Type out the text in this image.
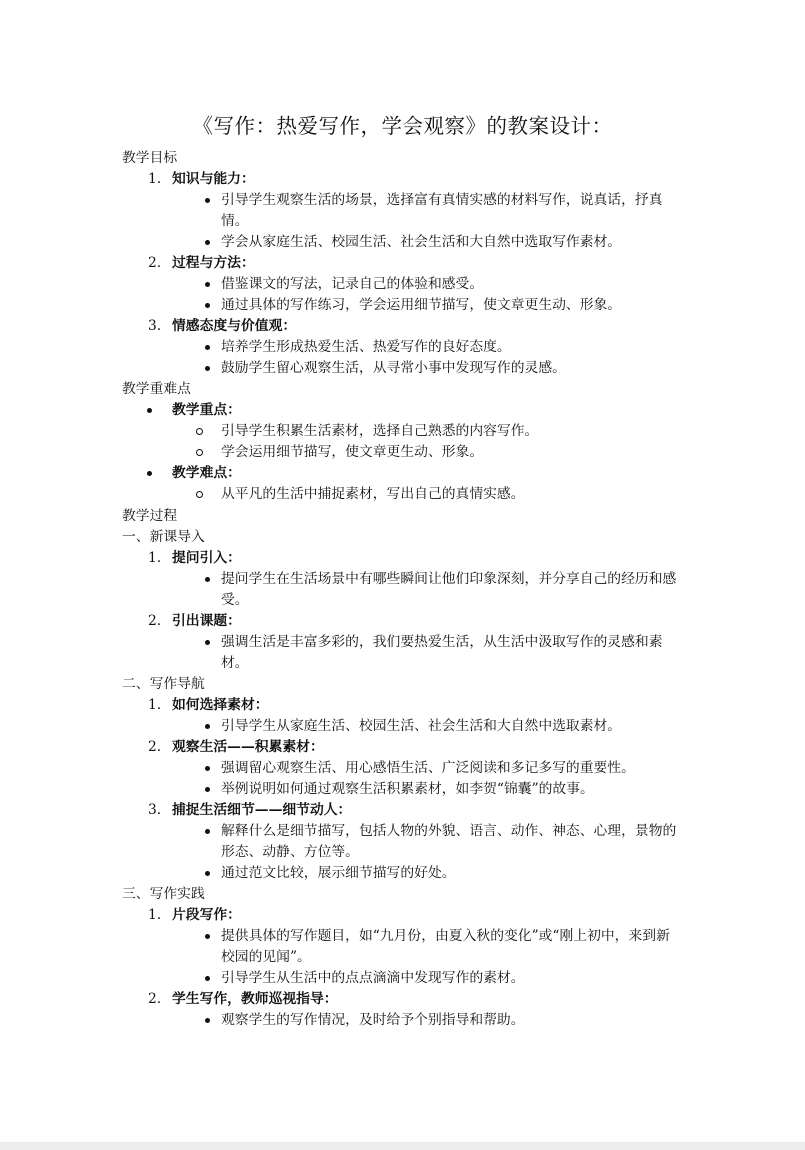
《写作：热爱写作，学会观察》的教案设计：
教学目标
1. 知识与能力：
引导学生观察生活的场景，选择富有真情实感的材料写作，说真话，抒真情。
学会从家庭生活、校园生活、社会生活和大自然中选取写作素材。
2. 过程与方法：
借鉴课文的写法，记录自己的体验和感受。
通过具体的写作练习，学会运用细节描写，使文章更生动、形象。
3. 情感态度与价值观：
培养学生形成热爱生活、热爱写作的良好态度。
鼓励学生留心观察生活，从寻常小事中发现写作的灵感。
教学重难点
教学重点：
引导学生积累生活素材，选择自己熟悉的内容写作。
学会运用细节描写，使文章更生动、形象。
教学难点：
从平凡的生活中捕捉素材，写出自己的真情实感。
教学过程
一、新课导入
1. 提问引入：
提问学生在生活场景中有哪些瞬间让他们印象深刻，并分享自己的经历和感受。
2. 引出课题：
强调生活是丰富多彩的，我们要热爱生活，从生活中汲取写作的灵感和素材。
二、写作导航
1. 如何选择素材：
引导学生从家庭生活、校园生活、社会生活和大自然中选取素材。
2. 观察生活——积累素材：
强调留心观察生活、用心感悟生活、广泛阅读和多记多写的重要性。
举例说明如何通过观察生活积累素材，如李贺“锦囊”的故事。
3. 捕捉生活细节——细节动人：
解释什么是细节描写，包括人物的外貌、语言、动作、神态、心理，景物的形态、动静、方位等。
通过范文比较，展示细节描写的好处。
三、写作实践
1. 片段写作：
提供具体的写作题目，如“九月份，由夏入秋的变化”或“刚上初中，来到新校园的见闻”。
引导学生从生活中的点点滴滴中发现写作的素材。
2. 学生写作，教师巡视指导：
观察学生的写作情况，及时给予个别指导和帮助。
